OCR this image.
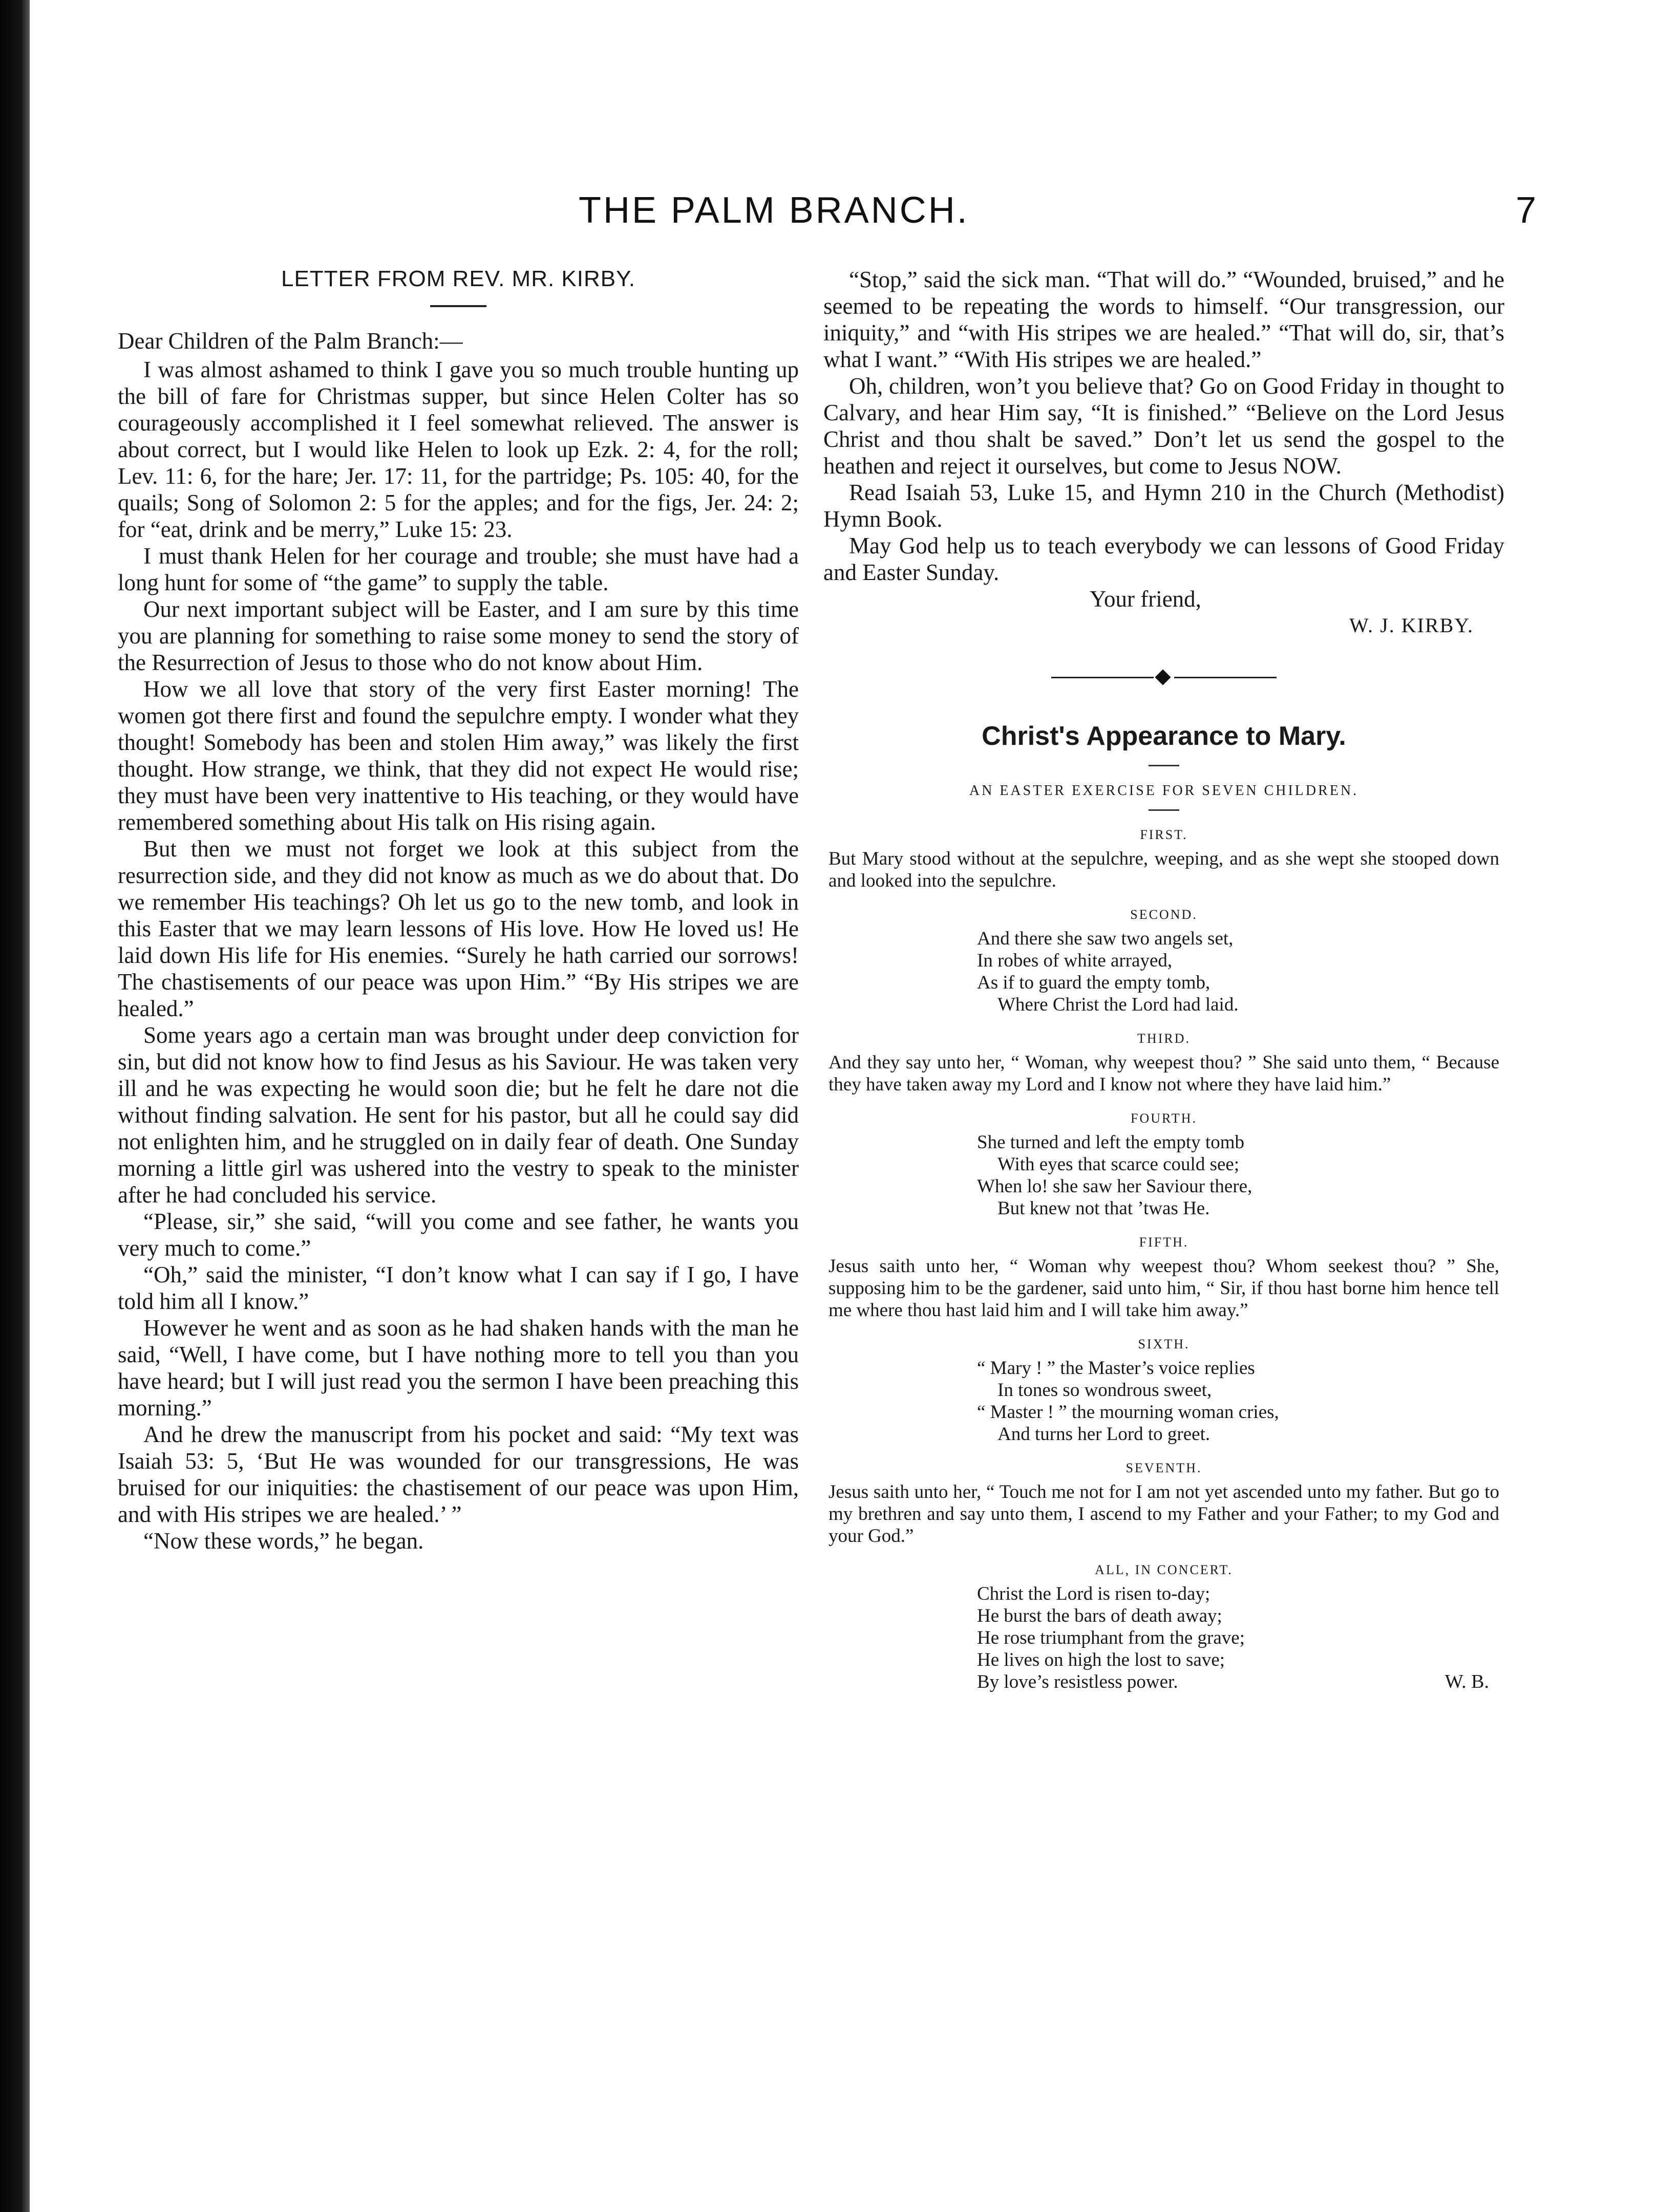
THE PALM BRANCH.	7
LETTER FROM REV. MR. KIRBY.

Dear Children of the Palm Branch:—

I was almost ashamed to think I gave you so much trouble hunting up the bill of fare for Christmas supper, but since Helen Colter has so courageously accomplished it I feel somewhat relieved. The answer is about correct, but I would like Helen to look up Ezk. 2: 4, for the roll; Lev. 11: 6, for the hare; Jer. 17: 11, for the partridge; Ps. 105: 40, for the quails; Song of Solomon 2: 5 for the apples; and for the figs, Jer. 24: 2; for “eat, drink and be merry,” Luke 15: 23.

I must thank Helen for her courage and trouble; she must have had a long hunt for some of “the game” to supply the table.

Our next important subject will be Easter, and I am sure by this time you are planning for something to raise some money to send the story of the Resurrection of Jesus to those who do not know about Him.

How we all love that story of the very first Easter morning! The women got there first and found the sepulchre empty. I wonder what they thought! Somebody has been and stolen Him away,” was likely the first thought. How strange, we think, that they did not expect He would rise; they must have been very inattentive to His teaching, or they would have remembered something about His talk on His rising again.

But then we must not forget we look at this subject from the resurrection side, and they did not know as much as we do about that. Do we remember His teachings? Oh let us go to the new tomb, and look in this Easter that we may learn lessons of His love. How He loved us! He laid down His life for His enemies. “Surely he hath carried our sorrows! The chastisements of our peace was upon Him.” “By His stripes we are healed.”

Some years ago a certain man was brought under deep conviction for sin, but did not know how to find Jesus as his Saviour. He was taken very ill and he was expecting he would soon die; but he felt he dare not die without finding salvation. He sent for his pastor, but all he could say did not enlighten him, and he struggled on in daily fear of death. One Sunday morning a little girl was ushered into the vestry to speak to the minister after he had concluded his service.

“Please, sir,” she said, “will you come and see father, he wants you very much to come.”

“Oh,” said the minister, “I don’t know what I can say if I go, I have told him all I know.”

However he went and as soon as he had shaken hands with the man he said, “Well, I have come, but I have nothing more to tell you than you have heard; but I will just read you the sermon I have been preaching this morning.”

And he drew the manuscript from his pocket and said: “My text was Isaiah 53: 5, ‘But He was wounded for our transgressions, He was bruised for our iniquities: the chastisement of our peace was upon Him, and with His stripes we are healed.’ ”

“Now these words,” he began.

“Stop,” said the sick man. “That will do.” “Wounded, bruised,” and he seemed to be repeating the words to himself. “Our transgression, our iniquity,” and “with His stripes we are healed.” “That will do, sir, that’s what I want.” “With His stripes we are healed.”

Oh, children, won’t you believe that? Go on Good Friday in thought to Calvary, and hear Him say, “It is finished.” “Believe on the Lord Jesus Christ and thou shalt be saved.” Don’t let us send the gospel to the heathen and reject it ourselves, but come to Jesus NOW.

Read Isaiah 53, Luke 15, and Hymn 210 in the Church (Methodist) Hymn Book.

May God help us to teach everybody we can lessons of Good Friday and Easter Sunday.

Your friend,

W. J. KIRBY.

Christ's Appearance to Mary.
AN EASTER EXERCISE FOR SEVEN CHILDREN.
FIRST.

But Mary stood without at the sepulchre, weeping, and as she wept she stooped down and looked into the sepulchre.

SECOND.

And there she saw two angels set,

In robes of white arrayed,

As if to guard the empty tomb,

Where Christ the Lord had laid.

THIRD.

And they say unto her, “ Woman, why weepest thou? ” She said unto them, “ Because they have taken away my Lord and I know not where they have laid him.”

FOURTH.

She turned and left the empty tomb

With eyes that scarce could see;

When lo! she saw her Saviour there,

But knew not that ’twas He.

FIFTH.

Jesus saith unto her, “ Woman why weepest thou? Whom seekest thou? ” She, supposing him to be the gardener, said unto him, “ Sir, if thou hast borne him hence tell me where thou hast laid him and I will take him away.”

SIXTH.

“ Mary ! ” the Master’s voice replies

In tones so wondrous sweet,

“ Master ! ” the mourning woman cries,

And turns her Lord to greet.

SEVENTH.

Jesus saith unto her, “ Touch me not for I am not yet ascended unto my father. But go to my brethren and say unto them, I ascend to my Father and your Father; to my God and your God.”

ALL, IN CONCERT.

Christ the Lord is risen to-day;

He burst the bars of death away;

He rose triumphant from the grave;

He lives on high the lost to save;

By love’s resistless power.	W. B.
